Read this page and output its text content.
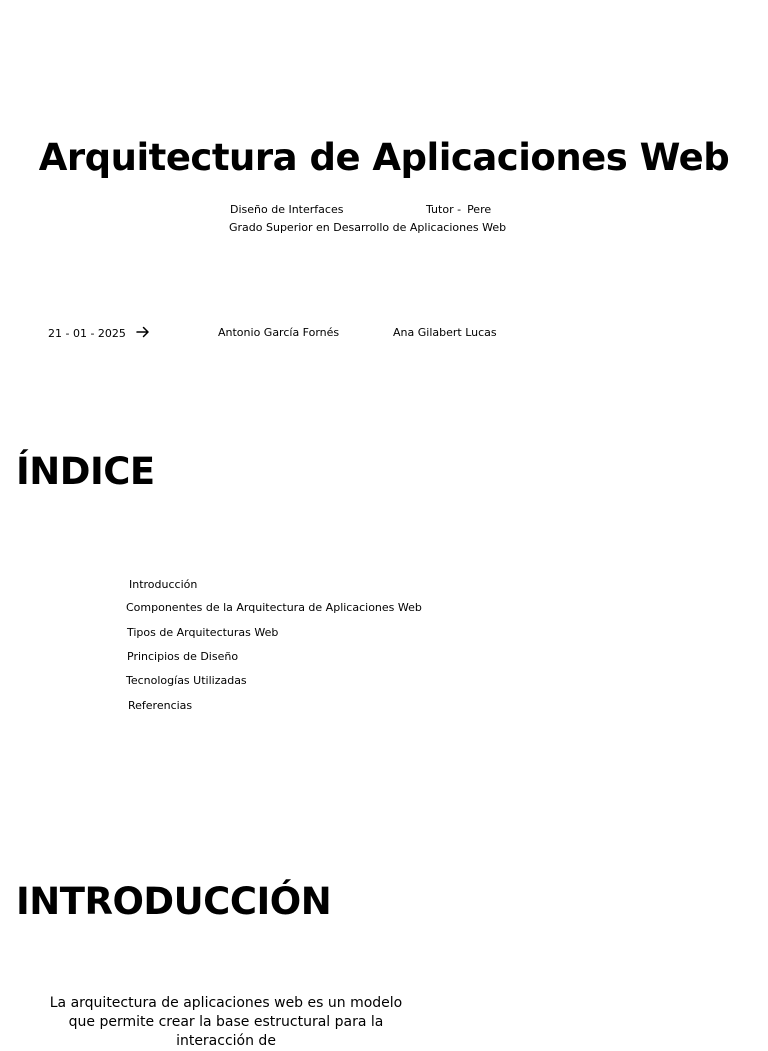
Arquitectura de Aplicaciones Web
Diseño de Interfaces	Tutor - Pere
Grado Superior en Desarrollo de Aplicaciones Web
21 - 01 - 2025	Antonio García Fornés	Ana Gilabert Lucas
ÍNDICE
Introducción
Componentes de la Arquitectura de Aplicaciones Web
Tipos de Arquitecturas Web
Principios de Diseño
Tecnologías Utilizadas
Referencias
INTRODUCCIÓN
La arquitectura de aplicaciones web es un modelo que permite crear la base estructural para la interacción de
